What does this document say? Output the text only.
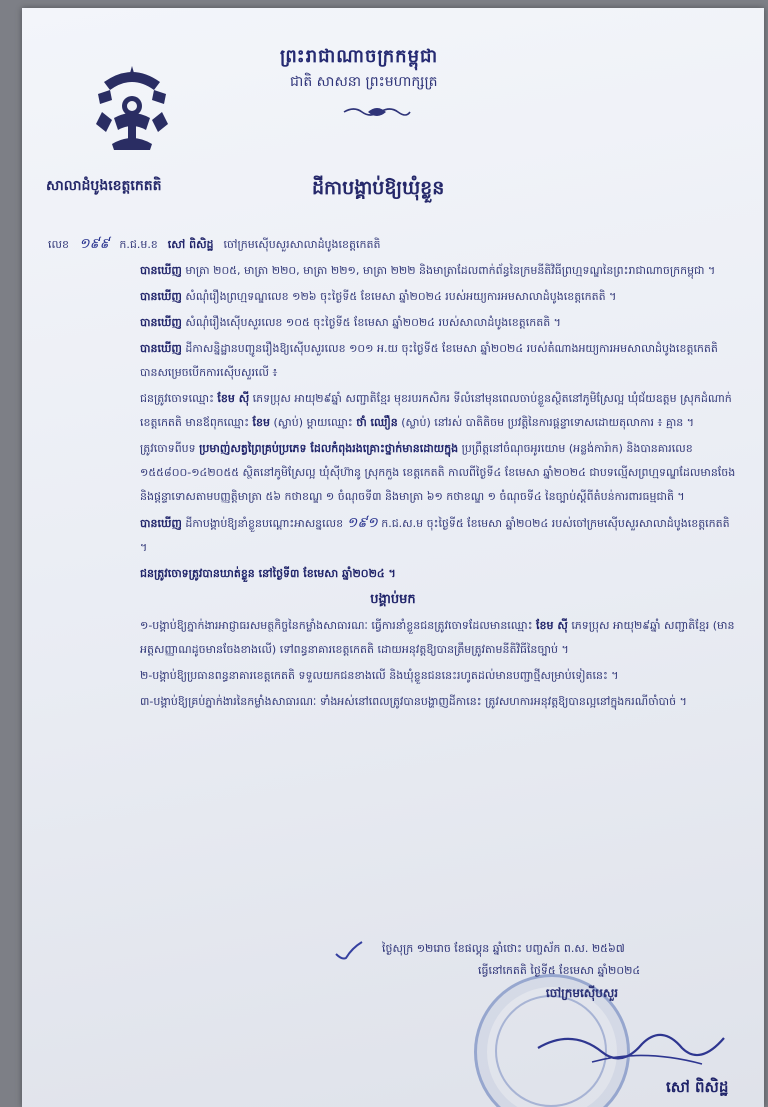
សាលាដំបូងខេត្តកេតតិ
ព្រះរាជាណាចក្រកម្ពុជា
ជាតិ សាសនា ព្រះមហាក្សត្រ
ដីកាបង្គាប់ឱ្យឃុំខ្លួន

លេខ ១៩៩ ក.ជ.ម.ខ សៅ ពិសិដ្ឋ ចៅក្រមស៊ើបសួរសាលាដំបូងខេត្តកេតតិ

បានឃើញ មាត្រា ២០៥, មាត្រា ២២០, មាត្រា ២២១, មាត្រា ២២២ និងមាត្រាដែលពាក់ព័ន្ធនៃក្រមនីតិវិធីព្រហ្មទណ្ឌនៃព្រះរាជាណាចក្រកម្ពុជា ។

បានឃើញ សំណុំរឿងព្រហ្មទណ្ឌលេខ ១២៦ ចុះថ្ងៃទី៥ ខែមេសា ឆ្នាំ២០២៤ របស់អយ្យការអមសាលាដំបូងខេត្តកេតតិ ។

បានឃើញ សំណុំរឿងស៊ើបសួរលេខ ១០៥ ចុះថ្ងៃទី៥ ខែមេសា ឆ្នាំ២០២៤ របស់សាលាដំបូងខេត្តកេតតិ ។

បានឃើញ ដីកាសន្និដ្ឋានបញ្ជូនរឿងឱ្យស៊ើបសួរលេខ ១០១ អ.យ ចុះថ្ងៃទី៥ ខែមេសា ឆ្នាំ២០២៤ របស់តំណាងអយ្យការអមសាលាដំបូងខេត្តកេតតិ បានសម្រេចបើកការស៊ើបសួរលើ ៖

ជនត្រូវចោទឈ្មោះ ខែម ស៊ី ភេទប្រុស អាយុ២៩ឆ្នាំ សញ្ជាតិខ្មែរ មុខរបរកសិករ ទីលំនៅមុនពេលចាប់ខ្លួនស្ថិតនៅភូមិស្រែល្អ ឃុំជ័យឧត្តម ស្រុកដំណាក់ ខេត្តកេតតិ មានឪពុកឈ្មោះ ខែម (ស្លាប់) ម្ដាយឈ្មោះ ថាំ ឈឿន (ស្លាប់) នៅរស់ បាតិតិចម ប្រវត្តិនៃការផ្តន្ទាទោសដោយតុលាការ ៖ គ្មាន ។

ត្រូវចោទពីបទ ប្រមាញ់សត្វព្រៃគ្រប់ប្រភេទ ដែលកំពុងរងគ្រោះថ្នាក់មានដោយក្នុង ប្រព្រឹត្តនៅចំណុចអូរយោម (អន្លង់ការ៉ាក) និងបានគារលេខ ១៥៥៨០០-១៤២០៥៥ ស្ថិតនៅភូមិស្រែល្អ ឃុំស៊ីហ៊ានូ ស្រុកកួង ខេត្តកេតតិ កាលពីថ្ងៃទី៤ ខែមេសា ឆ្នាំ២០២៤ ជាបទល្មើសព្រហ្មទណ្ឌដែលមានចែងនិងផ្ដន្ទាទោសតាមបញ្ញត្តិមាត្រា ៥៦ កថាខណ្ឌ ១ ចំណុចទី៣ និងមាត្រា ៦១ កថាខណ្ឌ ១ ចំណុចទី៤ នៃច្បាប់ស្ដីពីតំបន់ការពារធម្មជាតិ ។

បានឃើញ ដីកាបង្គាប់ឱ្យនាំខ្លួនបណ្ដោះអាសន្នលេខ ១៩១ ក.ជ.ស.ម ចុះថ្ងៃទី៥ ខែមេសា ឆ្នាំ២០២៤ របស់ចៅក្រមស៊ើបសួរសាលាដំបូងខេត្តកេតតិ ។

ជនត្រូវចោទត្រូវបានឃាត់ខ្លួន នៅថ្ងៃទី៣ ខែមេសា ឆ្នាំ២០២៤ ។

បង្គាប់មក

១-បង្គាប់ឱ្យភ្នាក់ងារអាជ្ញាធរសមត្ថកិច្ចនៃកម្លាំងសាធារណៈ ធ្វើការនាំខ្លួនជនត្រូវចោទដែលមានឈ្មោះ ខែម ស៊ី ភេទប្រុស អាយុ២៩ឆ្នាំ សញ្ជាតិខ្មែរ (មានអត្តសញ្ញាណដូចមានចែងខាងលើ) ទៅពន្ធនាគារខេត្តកេតតិ ដោយអនុវត្តឱ្យបានត្រឹមត្រូវតាមនីតិវិធីនៃច្បាប់ ។

២-បង្គាប់ឱ្យប្រធានពន្ធនាគារខេត្តកេតតិ ទទួលយកជនខាងលើ និងឃុំខ្លួនជននេះរហូតដល់មានបញ្ជាថ្មីសម្រាប់ទៀតនេះ ។

៣-បង្គាប់ឱ្យគ្រប់ភ្នាក់ងារនៃកម្លាំងសាធារណៈ ទាំងអស់នៅពេលត្រូវបានបង្ហាញដីកានេះ ត្រូវសហការអនុវត្តឱ្យបានល្អនៅក្នុងករណីចាំបាច់ ។

ថ្ងៃសុក្រ ១២រោច ខែផល្គុន ឆ្នាំថោះ បញ្ចស័ក ព.ស. ២៥៦៧
ធ្វើនៅកេតតិ ថ្ងៃទី៥ ខែមេសា ឆ្នាំ២០២៤
ចៅក្រមស៊ើបសួរ
សៅ ពិសិដ្ឋ
